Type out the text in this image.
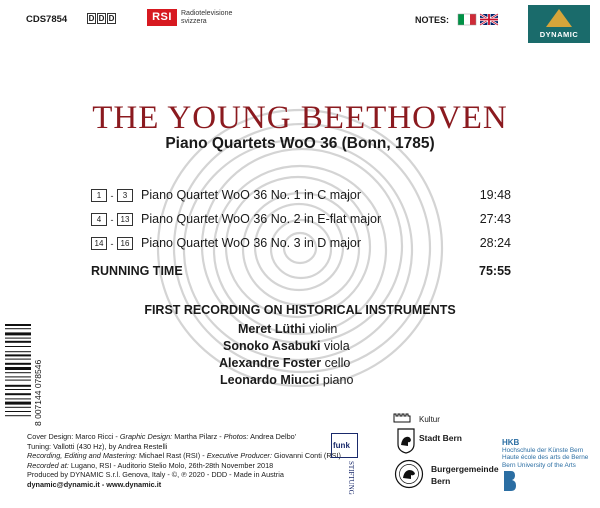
CDS7854	D D D	RSI	Radiotelevisione
svizzera	NOTES:
DYNAMIC
THE YOUNG BEETHOVEN
Piano Quartets WoO 36 (Bonn, 1785)
1 - 3 Piano Quartet WoO 36 No. 1 in C major	19:48
4 - 13 Piano Quartet WoO 36 No. 2 in E-flat major	27:43
14 - 16 Piano Quartet WoO 36 No. 3 in D major	28:24
RUNNING TIME	75:55
FIRST RECORDING ON HISTORICAL INSTRUMENTS
Meret Lüthi violin
Sonoko Asabuki viola
Alexandre Foster cello
Leonardo Miucci piano
8 007144 078546
Cover Design: Marco Ricci - Graphic Design: Martha Pilarz - Photos: Andrea Delbo'
Tuning: Vallotti (430 Hz), by Andrea Restelli
Recording, Editing and Mastering: Michael Rast (RSI) - Executive Producer: Giovanni Conti (RSI)
Recorded at: Lugano, RSI - Auditorio Stelio Molo, 26th-28th November 2018
Produced by DYNAMIC S.r.l. Genova, Italy - ©, ℗ 2020 - DDD - Made in Austria
dynamic@dynamic.it - www.dynamic.it
funk
STIFTUNG
Kultur
Stadt Bern
Burgergemeinde
Bern
HKB
Hochschule der Künste Bern
Haute école des arts de Berne
Bern University of the Arts
